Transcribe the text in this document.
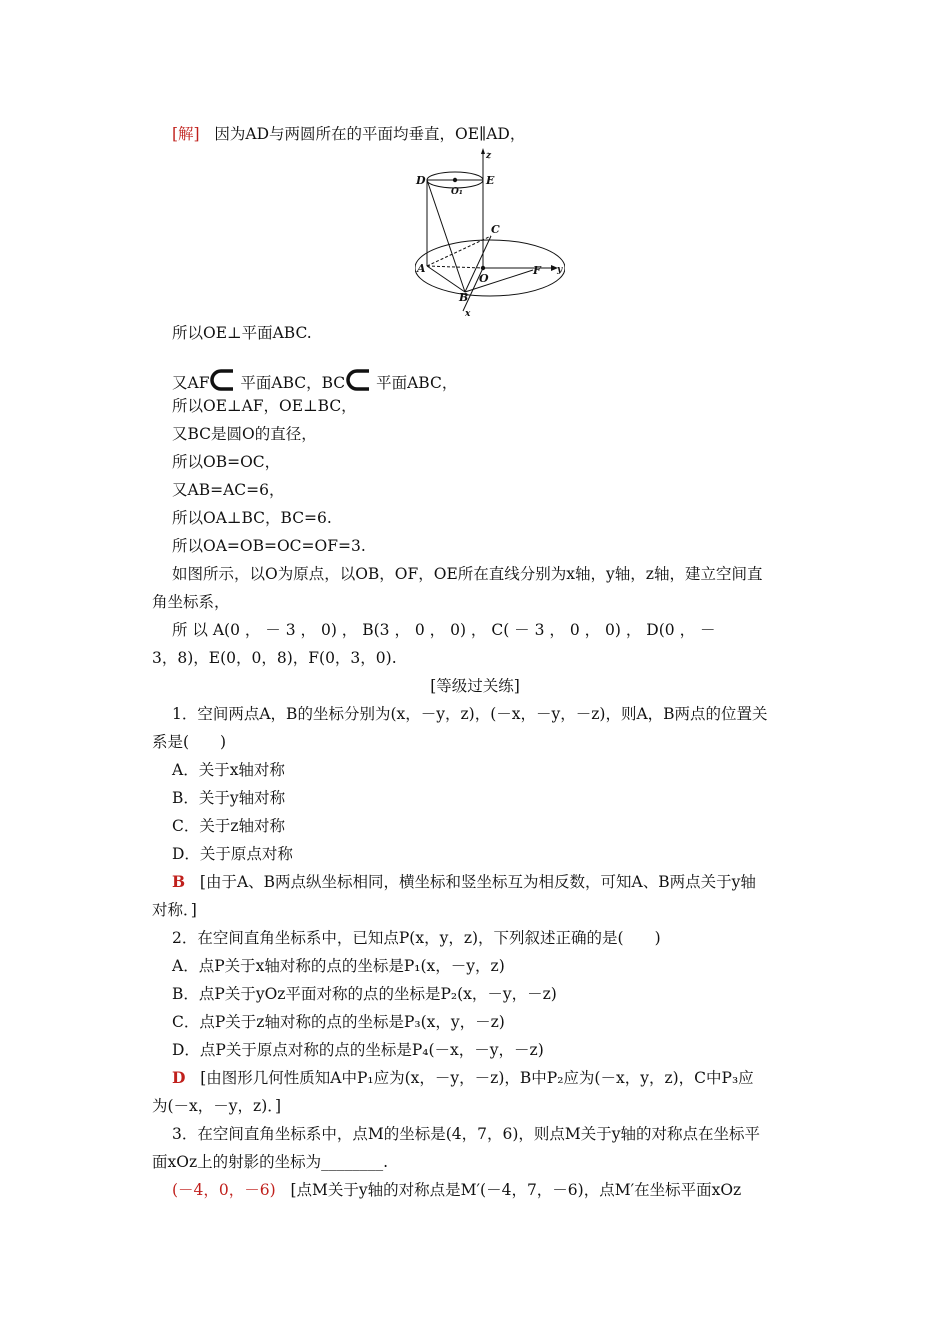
[解] 因为AD与两圆所在的平面均垂直，OE∥AD，
D
O₁
E
z
C
A
O
F y
B
x
所以OE⊥平面ABC.
又AF 平面ABC，BC 平面ABC，
所以OE⊥AF，OE⊥BC，
又BC是圆O的直径，
所以OB=OC，
又AB=AC=6，
所以OA⊥BC，BC=6.
所以OA=OB=OC=OF=3.
如图所示，以O为原点，以OB，OF，OE所在直线分别为x轴，y轴，z轴，建立空间直
角坐标系，
所 以 A(0 ， － 3 ， 0) ， B(3 ， 0 ， 0) ， C( － 3 ， 0 ， 0) ， D(0 ， －
3，8)，E(0，0，8)，F(0，3，0).
[等级过关练]
1．空间两点A，B的坐标分别为(x，－y，z)，(－x，－y，－z)，则A，B两点的位置关
系是(　　)
A．关于x轴对称
B．关于y轴对称
C．关于z轴对称
D．关于原点对称
B [由于A、B两点纵坐标相同，横坐标和竖坐标互为相反数，可知A、B两点关于y轴
对称．]
2．在空间直角坐标系中，已知点P(x，y，z)，下列叙述正确的是(　　)
A．点P关于x轴对称的点的坐标是P₁(x，－y，z)
B．点P关于yOz平面对称的点的坐标是P₂(x，－y，－z)
C．点P关于z轴对称的点的坐标是P₃(x，y，－z)
D．点P关于原点对称的点的坐标是P₄(－x，－y，－z)
D [由图形几何性质知A中P₁应为(x，－y，－z)，B中P₂应为(－x，y，z)，C中P₃应
为(－x，－y，z)．]
3．在空间直角坐标系中，点M的坐标是(4，7，6)，则点M关于y轴的对称点在坐标平
面xOz上的射影的坐标为________.
(－4，0，－6) [点M关于y轴的对称点是M′(－4，7，－6)，点M′在坐标平面xOz
